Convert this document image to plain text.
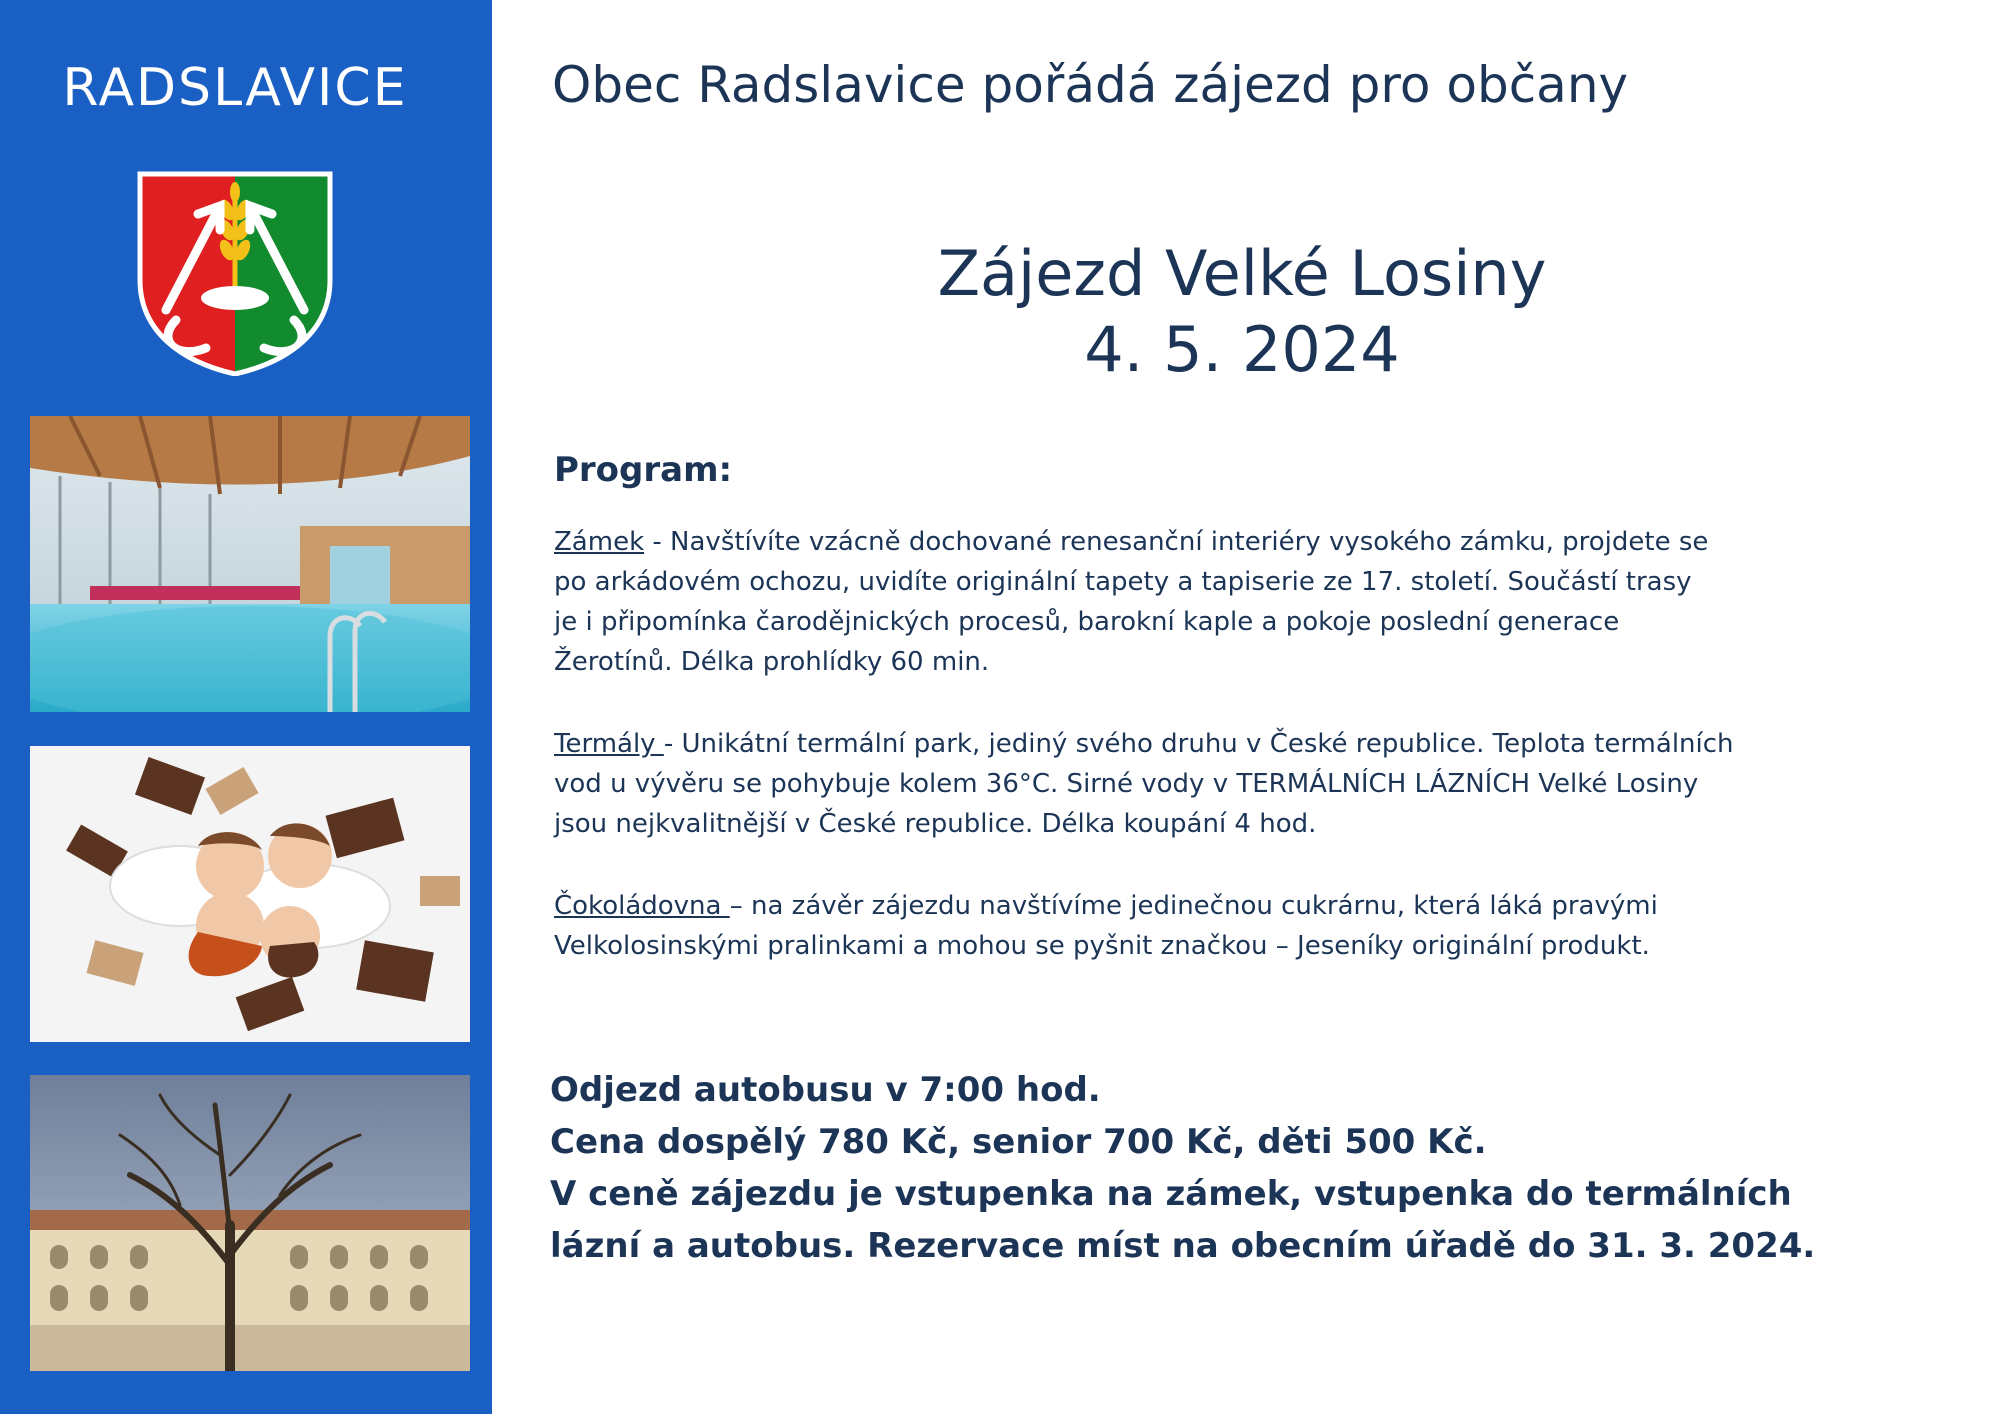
RADSLAVICE	Obec Radslavice pořádá zájezd pro občany
Zájezd Velké Losiny
4. 5. 2024
Program:
Zámek - Navštívíte vzácně dochované renesanční interiéry vysokého zámku, projdete se
po arkádovém ochozu, uvidíte originální tapety a tapiserie ze 17. století. Součástí trasy
je i připomínka čarodějnických procesů, barokní kaple a pokoje poslední generace
Žerotínů. Délka prohlídky 60 min.
Termály - Unikátní termální park, jediný svého druhu v České republice. Teplota termálních
vod u vývěru se pohybuje kolem 36°C. Sirné vody v TERMÁLNÍCH LÁZNÍCH Velké Losiny
jsou nejkvalitnější v České republice. Délka koupání 4 hod.
Čokoládovna – na závěr zájezdu navštívíme jedinečnou cukrárnu, která láká pravými
Velkolosinskými pralinkami a mohou se pyšnit značkou – Jeseníky originální produkt.
Odjezd autobusu v 7:00 hod.
Cena dospělý 780 Kč, senior 700 Kč, děti 500 Kč.
V ceně zájezdu je vstupenka na zámek, vstupenka do termálních
lázní a autobus. Rezervace míst na obecním úřadě do 31. 3. 2024.
